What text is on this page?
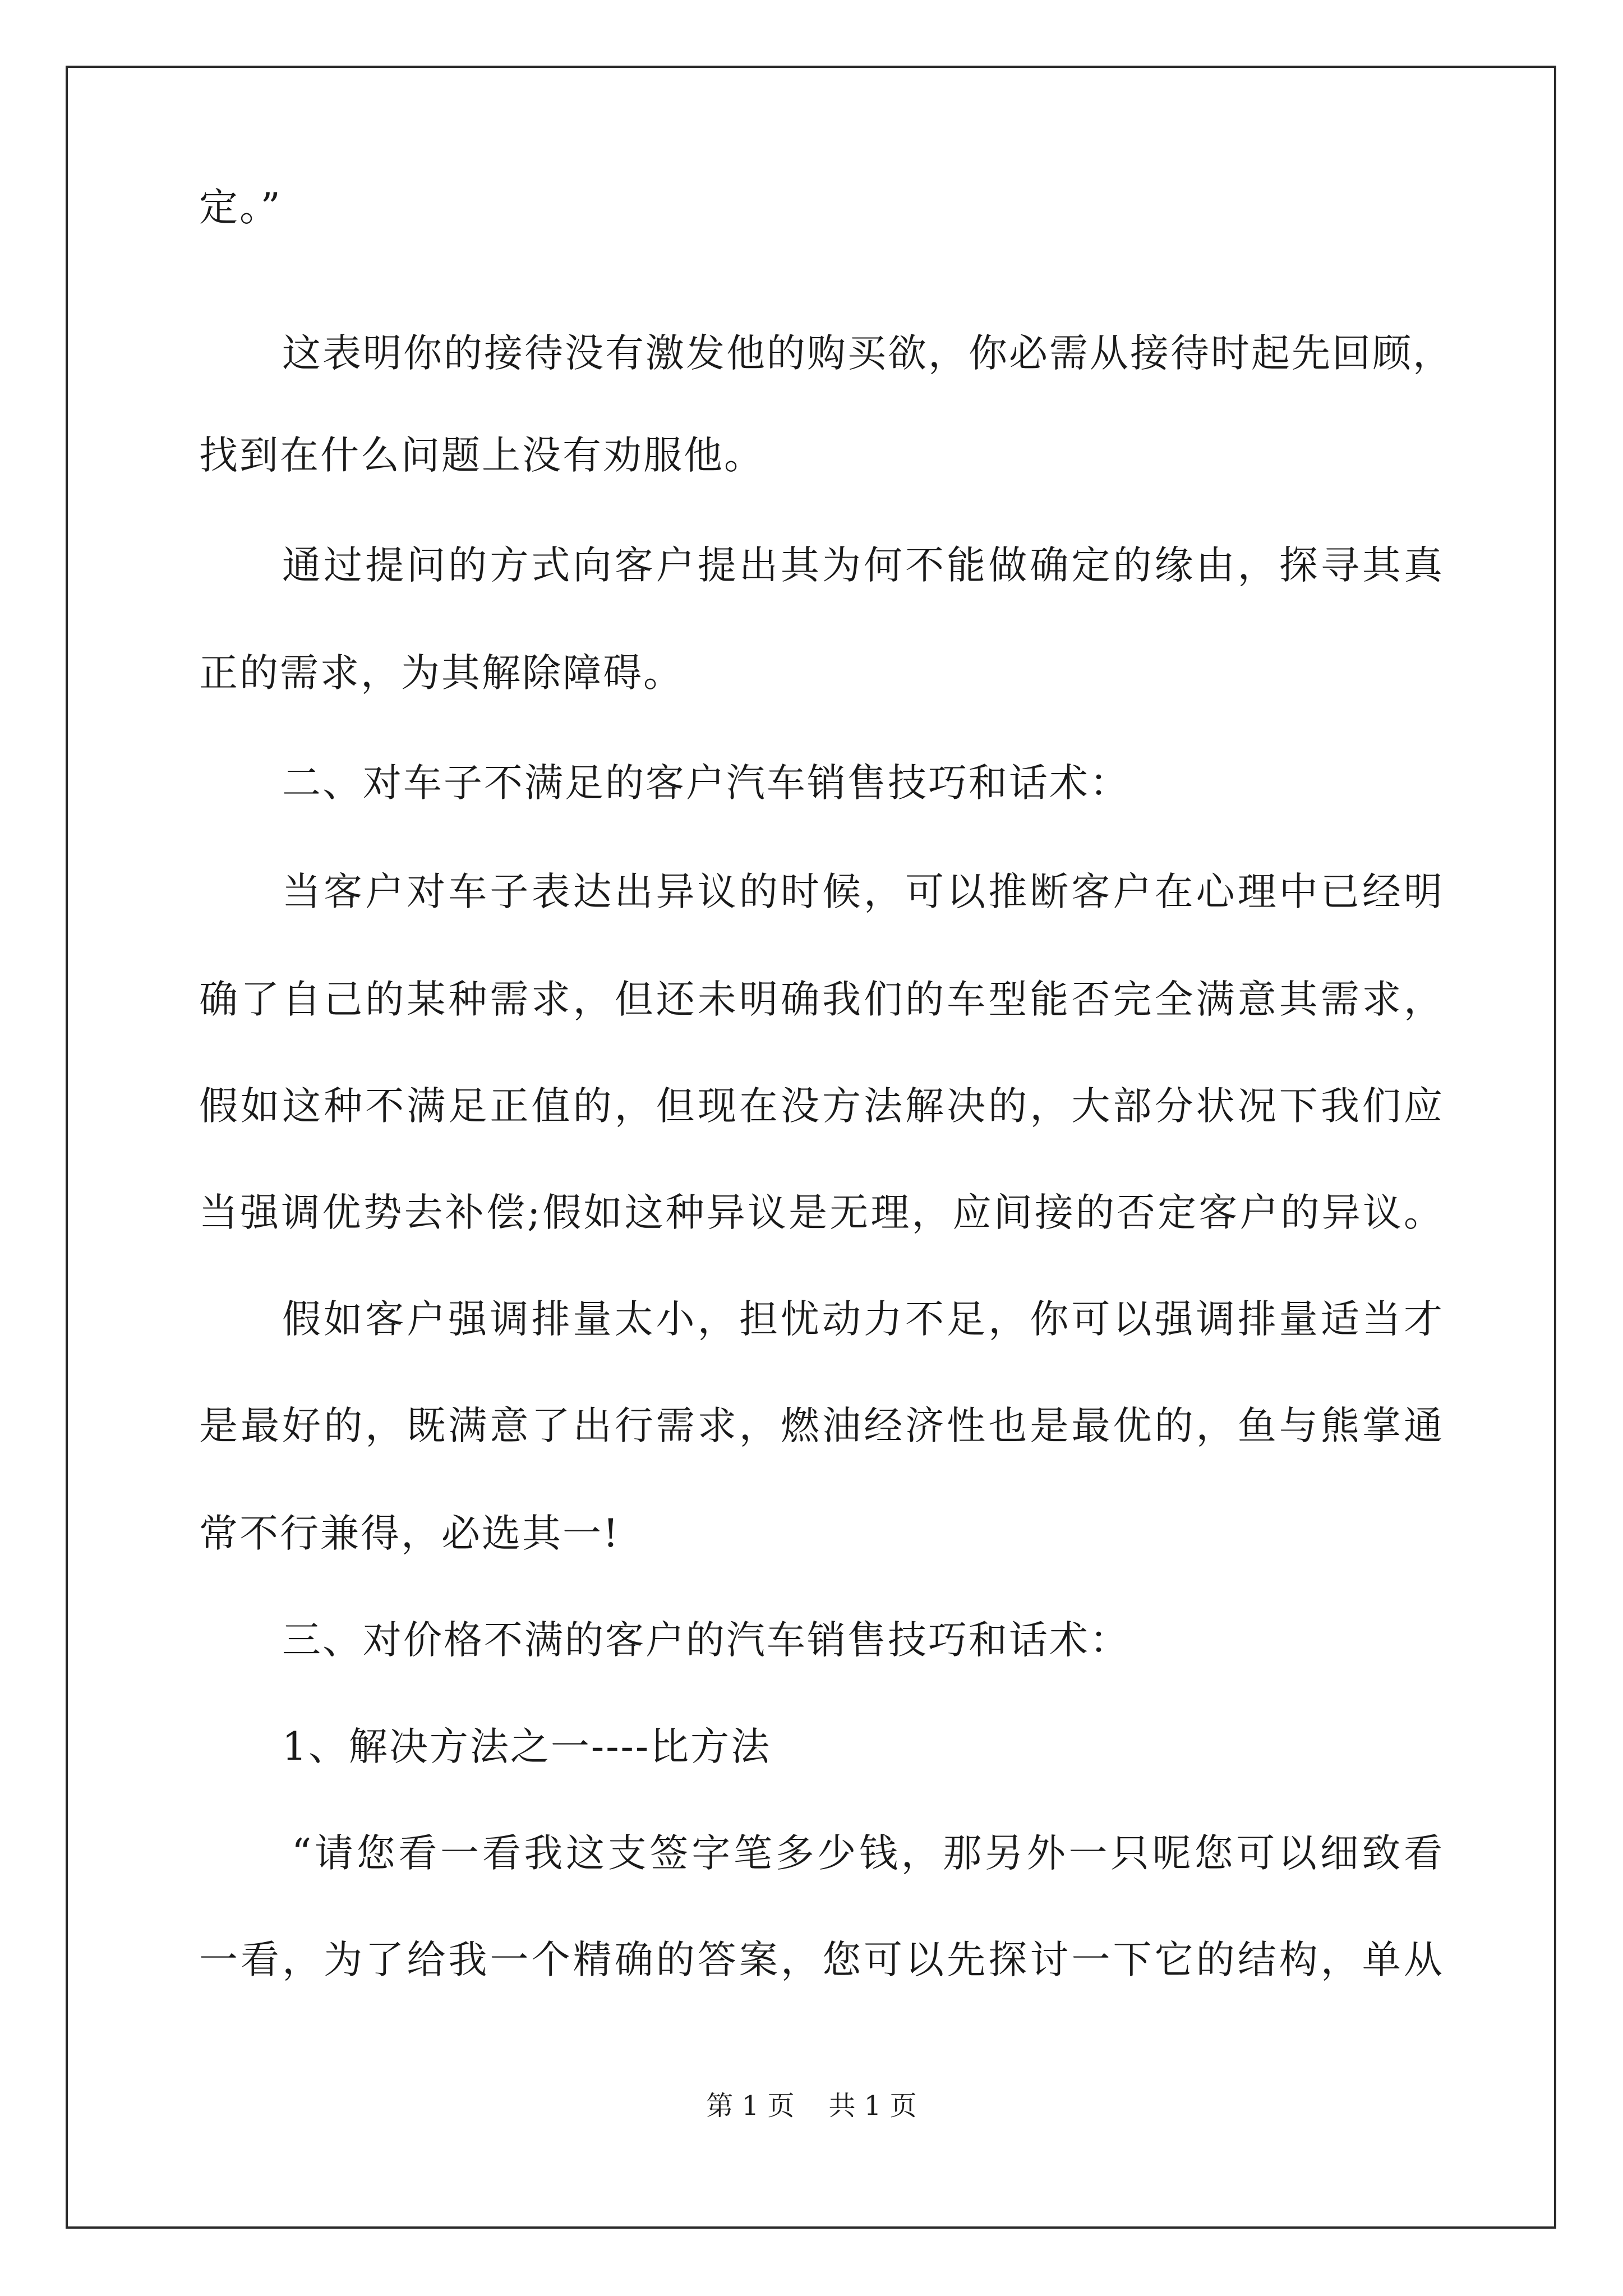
定。”
这表明你的接待没有激发他的购买欲，你必需从接待时起先回顾，
找到在什么问题上没有劝服他。
通过提问的方式向客户提出其为何不能做确定的缘由，探寻其真
正的需求，为其解除障碍。
二、对车子不满足的客户汽车销售技巧和话术：
当客户对车子表达出异议的时候，可以推断客户在心理中已经明
确了自己的某种需求，但还未明确我们的车型能否完全满意其需求，
假如这种不满足正值的，但现在没方法解决的，大部分状况下我们应
当强调优势去补偿;假如这种异议是无理，应间接的否定客户的异议。
假如客户强调排量太小，担忧动力不足，你可以强调排量适当才
是最好的，既满意了出行需求，燃油经济性也是最优的，鱼与熊掌通
常不行兼得，必选其一!
三、对价格不满的客户的汽车销售技巧和话术：
1、解决方法之一----比方法
“请您看一看我这支签字笔多少钱，那另外一只呢您可以细致看
一看，为了给我一个精确的答案，您可以先探讨一下它的结构，单从
第 1 页    共 1 页
